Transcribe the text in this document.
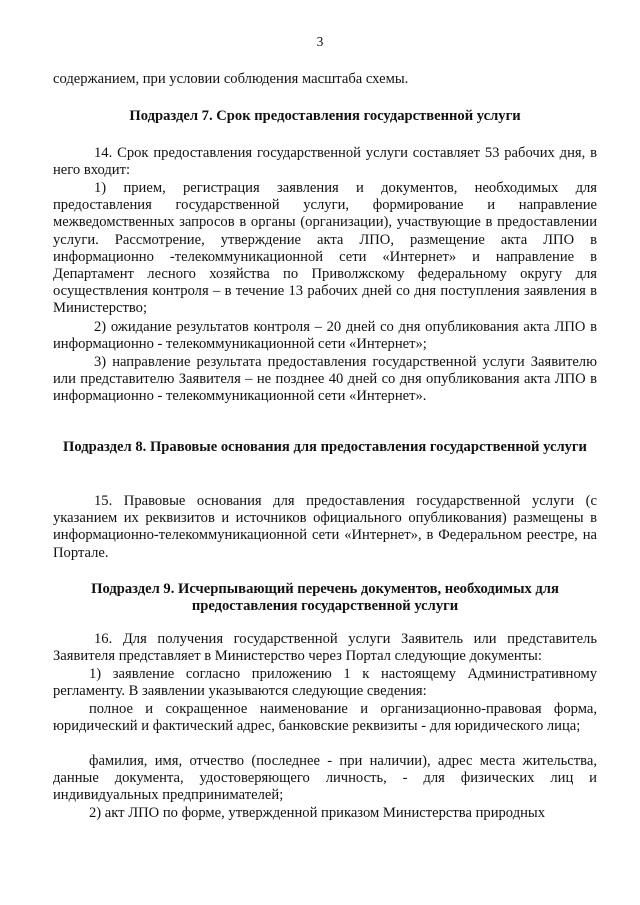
3

содержанием, при условии соблюдения масштаба схемы.

Подраздел 7. Срок предоставления государственной услуги

14. Срок предоставления государственной услуги составляет 53 рабочих дня, в него входит:

1) прием, регистрация заявления и документов, необходимых для предоставления государственной услуги, формирование и направление межведомственных запросов в органы (организации), участвующие в предоставлении услуги. Рассмотрение, утверждение акта ЛПО, размещение акта ЛПО в информационно -телекоммуникационной сети «Интернет» и направление в Департамент лесного хозяйства по Приволжскому федеральному округу для осуществления контроля – в течение 13 рабочих дней со дня поступления заявления в Министерство;

2) ожидание результатов контроля – 20 дней со дня опубликования акта ЛПО в информационно - телекоммуникационной сети «Интернет»;

3) направление результата предоставления государственной услуги Заявителю или представителю Заявителя – не позднее 40 дней со дня опубликования акта ЛПО в информационно - телекоммуникационной сети «Интернет».

Подраздел 8. Правовые основания для предоставления государственной услуги

15. Правовые основания для предоставления государственной услуги (с указанием их реквизитов и источников официального опубликования) размещены в информационно-телекоммуникационной сети «Интернет», в Федеральном реестре, на Портале.

Подраздел 9. Исчерпывающий перечень документов, необходимых для предоставления государственной услуги

16. Для получения государственной услуги Заявитель или представитель Заявителя представляет в Министерство через Портал следующие документы:

1) заявление согласно приложению 1 к настоящему Административному регламенту. В заявлении указываются следующие сведения:

полное и сокращенное наименование и организационно-правовая форма, юридический и фактический адрес, банковские реквизиты - для юридического лица;

фамилия, имя, отчество (последнее - при наличии), адрес места жительства, данные документа, удостоверяющего личность, - для физических лиц и индивидуальных предпринимателей;

2) акт ЛПО по форме, утвержденной приказом Министерства природных
